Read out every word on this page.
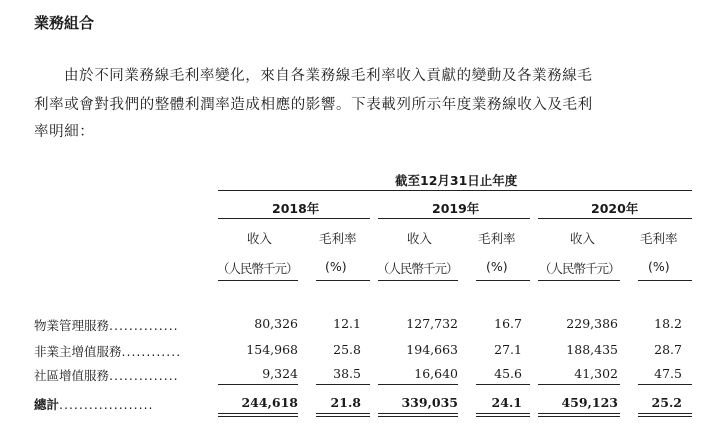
業務組合
由於不同業務線毛利率變化，來自各業務線毛利率收入貢獻的變動及各業務線毛
利率或會對我們的整體利潤率造成相應的影響。下表載列所示年度業務線收入及毛利
率明細：
截至12月31日止年度
2018年	2019年	2020年
收入	毛利率	收入	毛利率	收入	毛利率
（人民幣千元） (%) （人民幣千元） (%)	（人民幣千元） (%)
物業管理服務..............	80,326	12.1	127,732	16.7	229,386	18.2
非業主增值服務............	154,968	25.8	194,663	27.1	188,435	28.7
社區增值服務..............	9,324	38.5	16,640	45.6	41,302	47.5
總計...................	244,618	21.8	339,035	24.1	459,123	25.2
